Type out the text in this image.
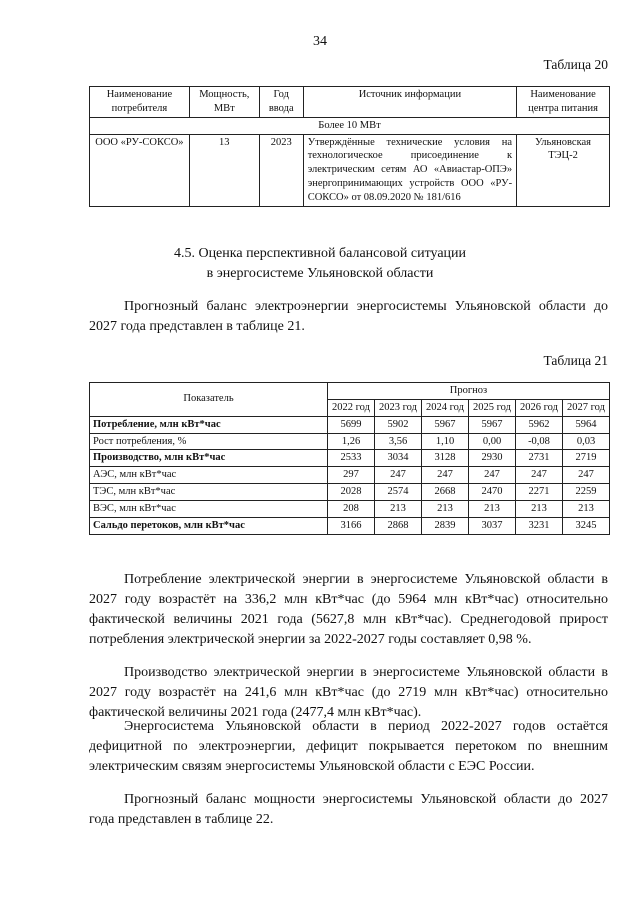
34
Таблица 20
Наименование потребителя	Мощность, МВт	Год ввода	Источник информации	Наименование центра питания
Более 10 МВт				
ООО «РУ-СОКСО»	13	2023	Утверждённые технические условия на технологическое присоединение к электрическим сетям АО «Авиастар-ОПЭ» энергопринимающих устройств ООО «РУ-СОКСО» от 08.09.2020 № 181/616	Ульяновская ТЭЦ-2
4.5. Оценка перспективной балансовой ситуации
в энергосистеме Ульяновской области

Прогнозный баланс электроэнергии энергосистемы Ульяновской области до 2027 года представлен в таблице 21.

Таблица 21
Показатель	Прогноз					
	2022 год	2023 год	2024 год	2025 год	2026 год	2027 год
Потребление, млн кВт*час	5699	5902	5967	5967	5962	5964
Рост потребления, %	1,26	3,56	1,10	0,00	-0,08	0,03
Производство, млн кВт*час	2533	3034	3128	2930	2731	2719
АЭС, млн кВт*час	297	247	247	247	247	247
ТЭС, млн кВт*час	2028	2574	2668	2470	2271	2259
ВЭС, млн кВт*час	208	213	213	213	213	213
Сальдо перетоков, млн кВт*час	3166	2868	2839	3037	3231	3245

Потребление электрической энергии в энергосистеме Ульяновской области в 2027 году возрастёт на 336,2 млн кВт*час (до 5964 млн кВт*час) относительно фактической величины 2021 года (5627,8 млн кВт*час). Среднегодовой прирост потребления электрической энергии за 2022-2027 годы составляет 0,98 %.

Производство электрической энергии в энергосистеме Ульяновской области в 2027 году возрастёт на 241,6 млн кВт*час (до 2719 млн кВт*час) относительно фактической величины 2021 года (2477,4 млн кВт*час).

Энергосистема Ульяновской области в период 2022-2027 годов остаётся дефицитной по электроэнергии, дефицит покрывается перетоком по внешним электрическим связям энергосистемы Ульяновской области с ЕЭС России.

Прогнозный баланс мощности энергосистемы Ульяновской области до 2027 года представлен в таблице 22.
